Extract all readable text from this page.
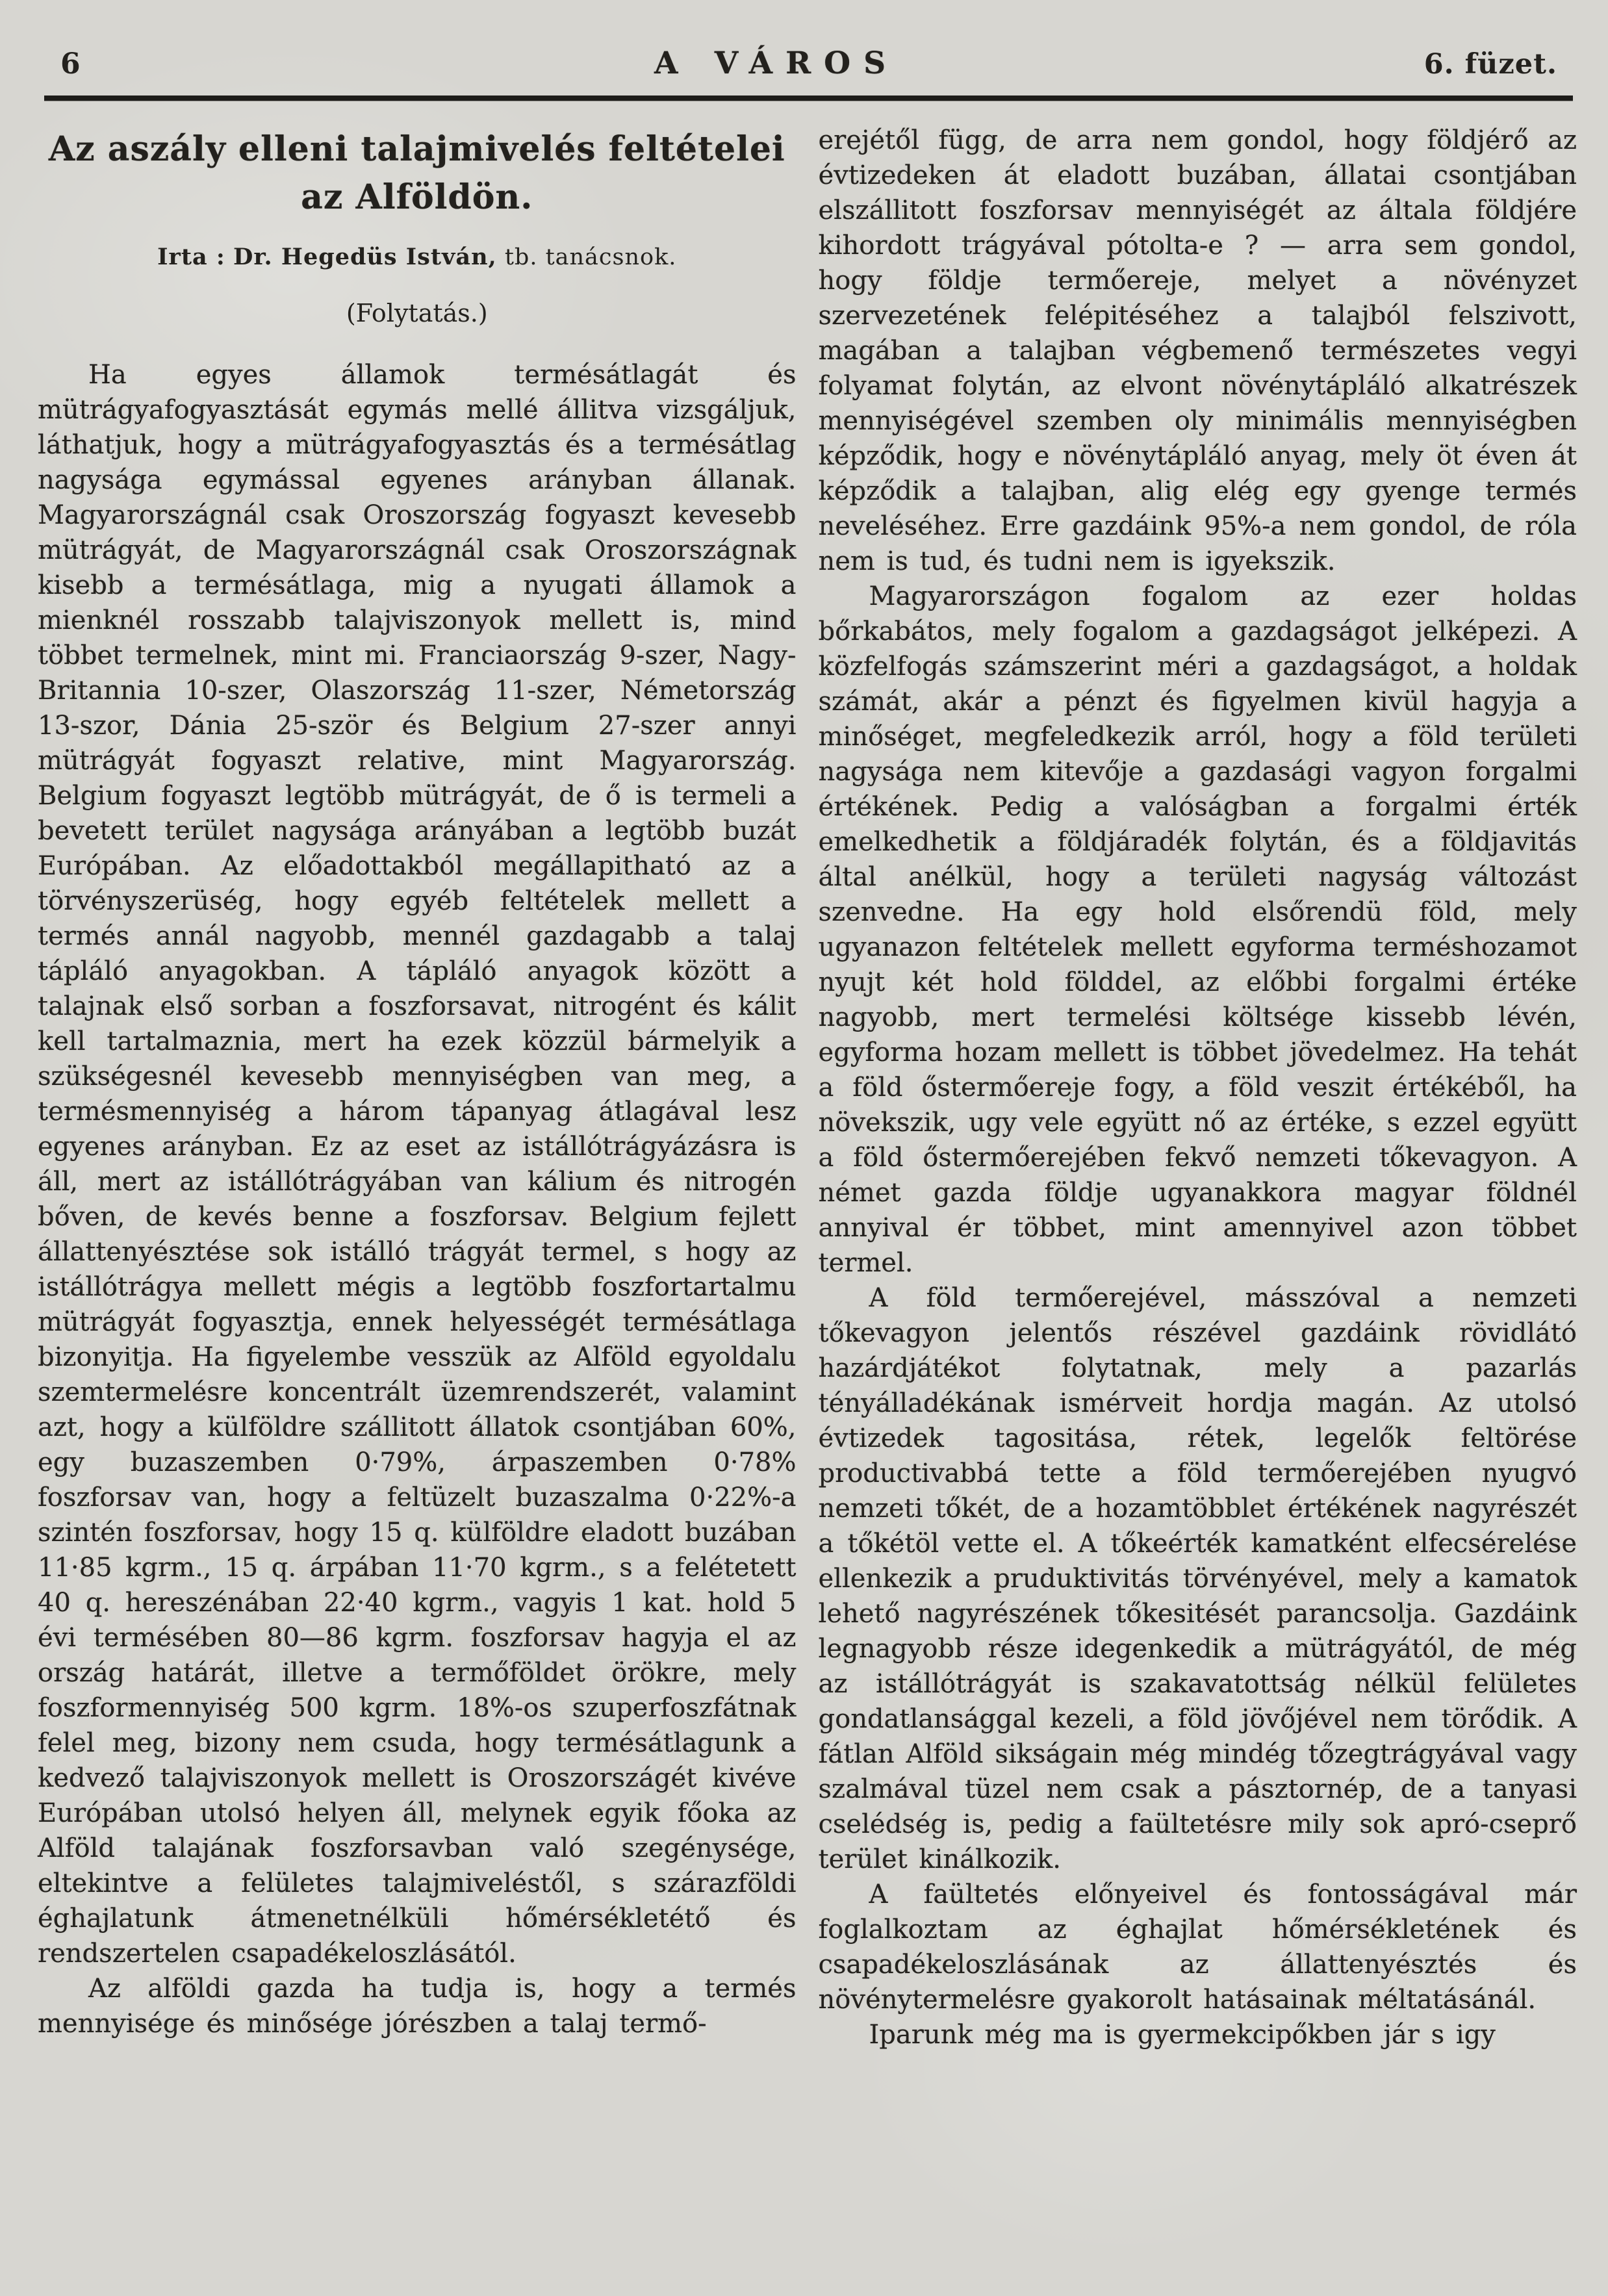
6	A VÁROS	6. füzet.
Az aszály elleni talajmivelés feltételei
az Alföldön.
Irta : Dr. Hegedüs István, tb. tanácsnok.
(Folytatás.)

Ha egyes államok termésátlagát és mütrágyafogyasztását egymás mellé állitva vizsgáljuk, láthatjuk, hogy a mütrágyafogyasztás és a termésátlag nagysága egymással egyenes arányban állanak. Magyarországnál csak Oroszország fogyaszt kevesebb mütrágyát, de Magyarországnál csak Oroszországnak kisebb a termésátlaga, mig a nyugati államok a mienknél rosszabb talajviszonyok mellett is, mind többet termelnek, mint mi. Franciaország 9-szer, Nagy-Britannia 10-szer, Olaszország 11-szer, Németország 13-szor, Dánia 25-ször és Belgium 27-szer annyi mütrágyát fogyaszt relative, mint Magyarország. Belgium fogyaszt legtöbb mütrágyát, de ő is termeli a bevetett terület nagysága arányában a legtöbb buzát Európában. Az előadottakból megállapitható az a törvényszerüség, hogy egyéb feltételek mellett a termés annál nagyobb, mennél gazdagabb a talaj tápláló anyagokban. A tápláló anyagok között a talajnak első sorban a foszforsavat, nitrogént és kálit kell tartalmaznia, mert ha ezek közzül bármelyik a szükségesnél kevesebb mennyiségben van meg, a termésmennyiség a három tápanyag átlagával lesz egyenes arányban. Ez az eset az istállótrágyázásra is áll, mert az istállótrágyában van kálium és nitrogén bőven, de kevés benne a foszforsav. Belgium fejlett állattenyésztése sok istálló trágyát termel, s hogy az istállótrágya mellett mégis a legtöbb foszfortartalmu mütrágyát fogyasztja, ennek helyességét termésátlaga bizonyitja. Ha figyelembe vesszük az Alföld egyoldalu szemtermelésre koncentrált üzemrendszerét, valamint azt, hogy a külföldre szállitott állatok csontjában 60%, egy buzaszemben 0·79%, árpaszemben 0·78% foszforsav van, hogy a feltüzelt buzaszalma 0·22%-a szintén foszforsav, hogy 15 q. külföldre eladott buzában 11·85 kgrm., 15 q. árpában 11·70 kgrm., s a felétetett 40 q. hereszénában 22·40 kgrm., vagyis 1 kat. hold 5 évi termésében 80—86 kgrm. foszforsav hagyja el az ország határát, illetve a termőföldet örökre, mely foszformennyiség 500 kgrm. 18%-os szuperfoszfátnak felel meg, bizony nem csuda, hogy termésátlagunk a kedvező talajviszonyok mellett is Oroszországét kivéve Európában utolsó helyen áll, melynek egyik főoka az Alföld talajának foszforsavban való szegénysége, eltekintve a felületes talajmiveléstől, s szárazföldi éghajlatunk átmenetnélküli hőmérsékletétő és rendszertelen csapadékeloszlásától.

Az alföldi gazda ha tudja is, hogy a termés mennyisége és minősége jórészben a talaj termő-

erejétől függ, de arra nem gondol, hogy földjérő az évtizedeken át eladott buzában, állatai csontjában elszállitott foszforsav mennyiségét az általa földjére kihordott trágyával pótolta-e ? — arra sem gondol, hogy földje termőereje, melyet a növényzet szervezetének felépitéséhez a talajból felszivott, magában a talajban végbemenő természetes vegyi folyamat folytán, az elvont növénytápláló alkatrészek mennyiségével szemben oly minimális mennyiségben képződik, hogy e növénytápláló anyag, mely öt éven át képződik a talajban, alig elég egy gyenge termés neveléséhez. Erre gazdáink 95%-a nem gondol, de róla nem is tud, és tudni nem is igyekszik.

Magyarországon fogalom az ezer holdas bőrkabátos, mely fogalom a gazdagságot jelképezi. A közfelfogás számszerint méri a gazdagságot, a holdak számát, akár a pénzt és figyelmen kivül hagyja a minőséget, megfeledkezik arról, hogy a föld területi nagysága nem kitevője a gazdasági vagyon forgalmi értékének. Pedig a valóságban a forgalmi érték emelkedhetik a földjáradék folytán, és a földjavitás által anélkül, hogy a területi nagyság változást szenvedne. Ha egy hold elsőrendü föld, mely ugyanazon feltételek mellett egyforma terméshozamot nyujt két hold földdel, az előbbi forgalmi értéke nagyobb, mert termelési költsége kissebb lévén, egyforma hozam mellett is többet jövedelmez. Ha tehát a föld őstermőereje fogy, a föld veszit értékéből, ha növekszik, ugy vele együtt nő az értéke, s ezzel együtt a föld őstermőerejében fekvő nemzeti tőkevagyon. A német gazda földje ugyanakkora magyar földnél annyival ér többet, mint amennyivel azon többet termel.

A föld termőerejével, másszóval a nemzeti tőkevagyon jelentős részével gazdáink rövidlátó hazárdjátékot folytatnak, mely a pazarlás tényálladékának ismérveit hordja magán. Az utolsó évtizedek tagositása, rétek, legelők feltörése productivabbá tette a föld termőerejében nyugvó nemzeti tőkét, de a hozamtöbblet értékének nagyrészét a tőkétöl vette el. A tőkeérték kamatként elfecsérelése ellenkezik a pruduktivitás törvényével, mely a kamatok lehető nagyrészének tőkesitését parancsolja. Gazdáink legnagyobb része idegenkedik a mütrágyától, de még az istállótrágyát is szakavatottság nélkül felületes gondatlansággal kezeli, a föld jövőjével nem törődik. A fátlan Alföld sikságain még mindég tőzegtrágyával vagy szalmával tüzel nem csak a pásztornép, de a tanyasi cselédség is, pedig a faültetésre mily sok apró-cseprő terület kinálkozik.

A faültetés előnyeivel és fontosságával már foglalkoztam az éghajlat hőmérsékletének és csapadékeloszlásának az állattenyésztés és növénytermelésre gyakorolt hatásainak méltatásánál.

Iparunk még ma is gyermekcipőkben jár s igy
